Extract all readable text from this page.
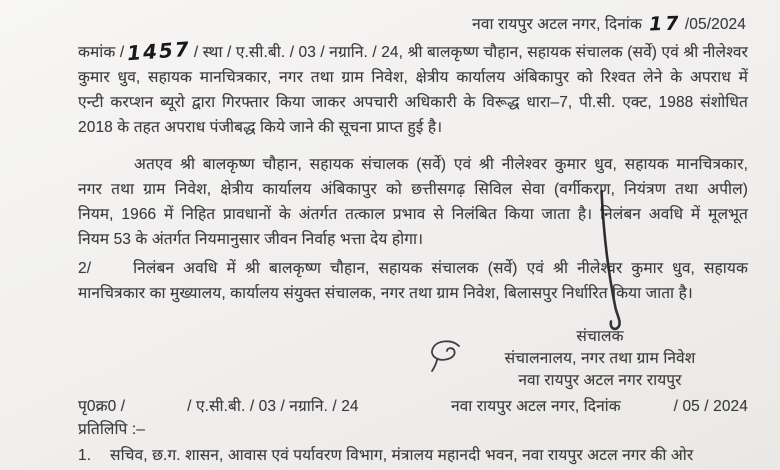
नवा रायपुर अटल नगर, दिनांक 17 /05/2024
कमांक / 1457 / स्था / ए.सी.बी. / 03 / नग्रानि. / 24, श्री बालकृष्ण चौहान, सहायक संचालक (सर्वे) एवं श्री नीलेश्वर
कुमार धुव, सहायक मानचित्रकार, नगर तथा ग्राम निवेश, क्षेत्रीय कार्यालय अंबिकापुर को रिश्वत लेने के अपराध में
एन्टी करप्शन ब्यूरो द्वारा गिरफ्तार किया जाकर अपचारी अधिकारी के विरूद्ध धारा–7, पी.सी. एक्ट, 1988 संशोधित
2018 के तहत अपराध पंजीबद्ध किये जाने की सूचना प्राप्त हुई है।
अतएव श्री बालकृष्ण चौहान, सहायक संचालक (सर्वे) एवं श्री नीलेश्वर कुमार धुव, सहायक मानचित्रकार,
नगर तथा ग्राम निवेश, क्षेत्रीय कार्यालय अंबिकापुर को छत्तीसगढ़ सिविल सेवा (वर्गीकरण, नियंत्रण तथा अपील)
नियम, 1966 में निहित प्रावधानों के अंतर्गत तत्काल प्रभाव से निलंबित किया जाता है। निलंबन अवधि में मूलभूत
नियम 53 के अंतर्गत नियमानुसार जीवन निर्वाह भत्ता देय होगा।
2/	निलंबन अवधि में श्री बालकृष्ण चौहान, सहायक संचालक (सर्वे) एवं श्री नीलेश्वर कुमार धुव, सहायक
मानचित्रकार का मुख्यालय, कार्यालय संयुक्त संचालक, नगर तथा ग्राम निवेश, बिलासपुर निर्धारित किया जाता है।
संचालक
संचालनालय, नगर तथा ग्राम निवेश
नवा रायपुर अटल नगर रायपुर
पृ0क्र0 /	/ ए.सी.बी. / 03 / नग्रानि. / 24	नवा रायपुर अटल नगर, दिनांक	/ 05 / 2024
प्रतिलिपि :–
1.	सचिव, छ.ग. शासन, आवास एवं पर्यावरण विभाग, मंत्रालय महानदी भवन, नवा रायपुर अटल नगर की ओर
